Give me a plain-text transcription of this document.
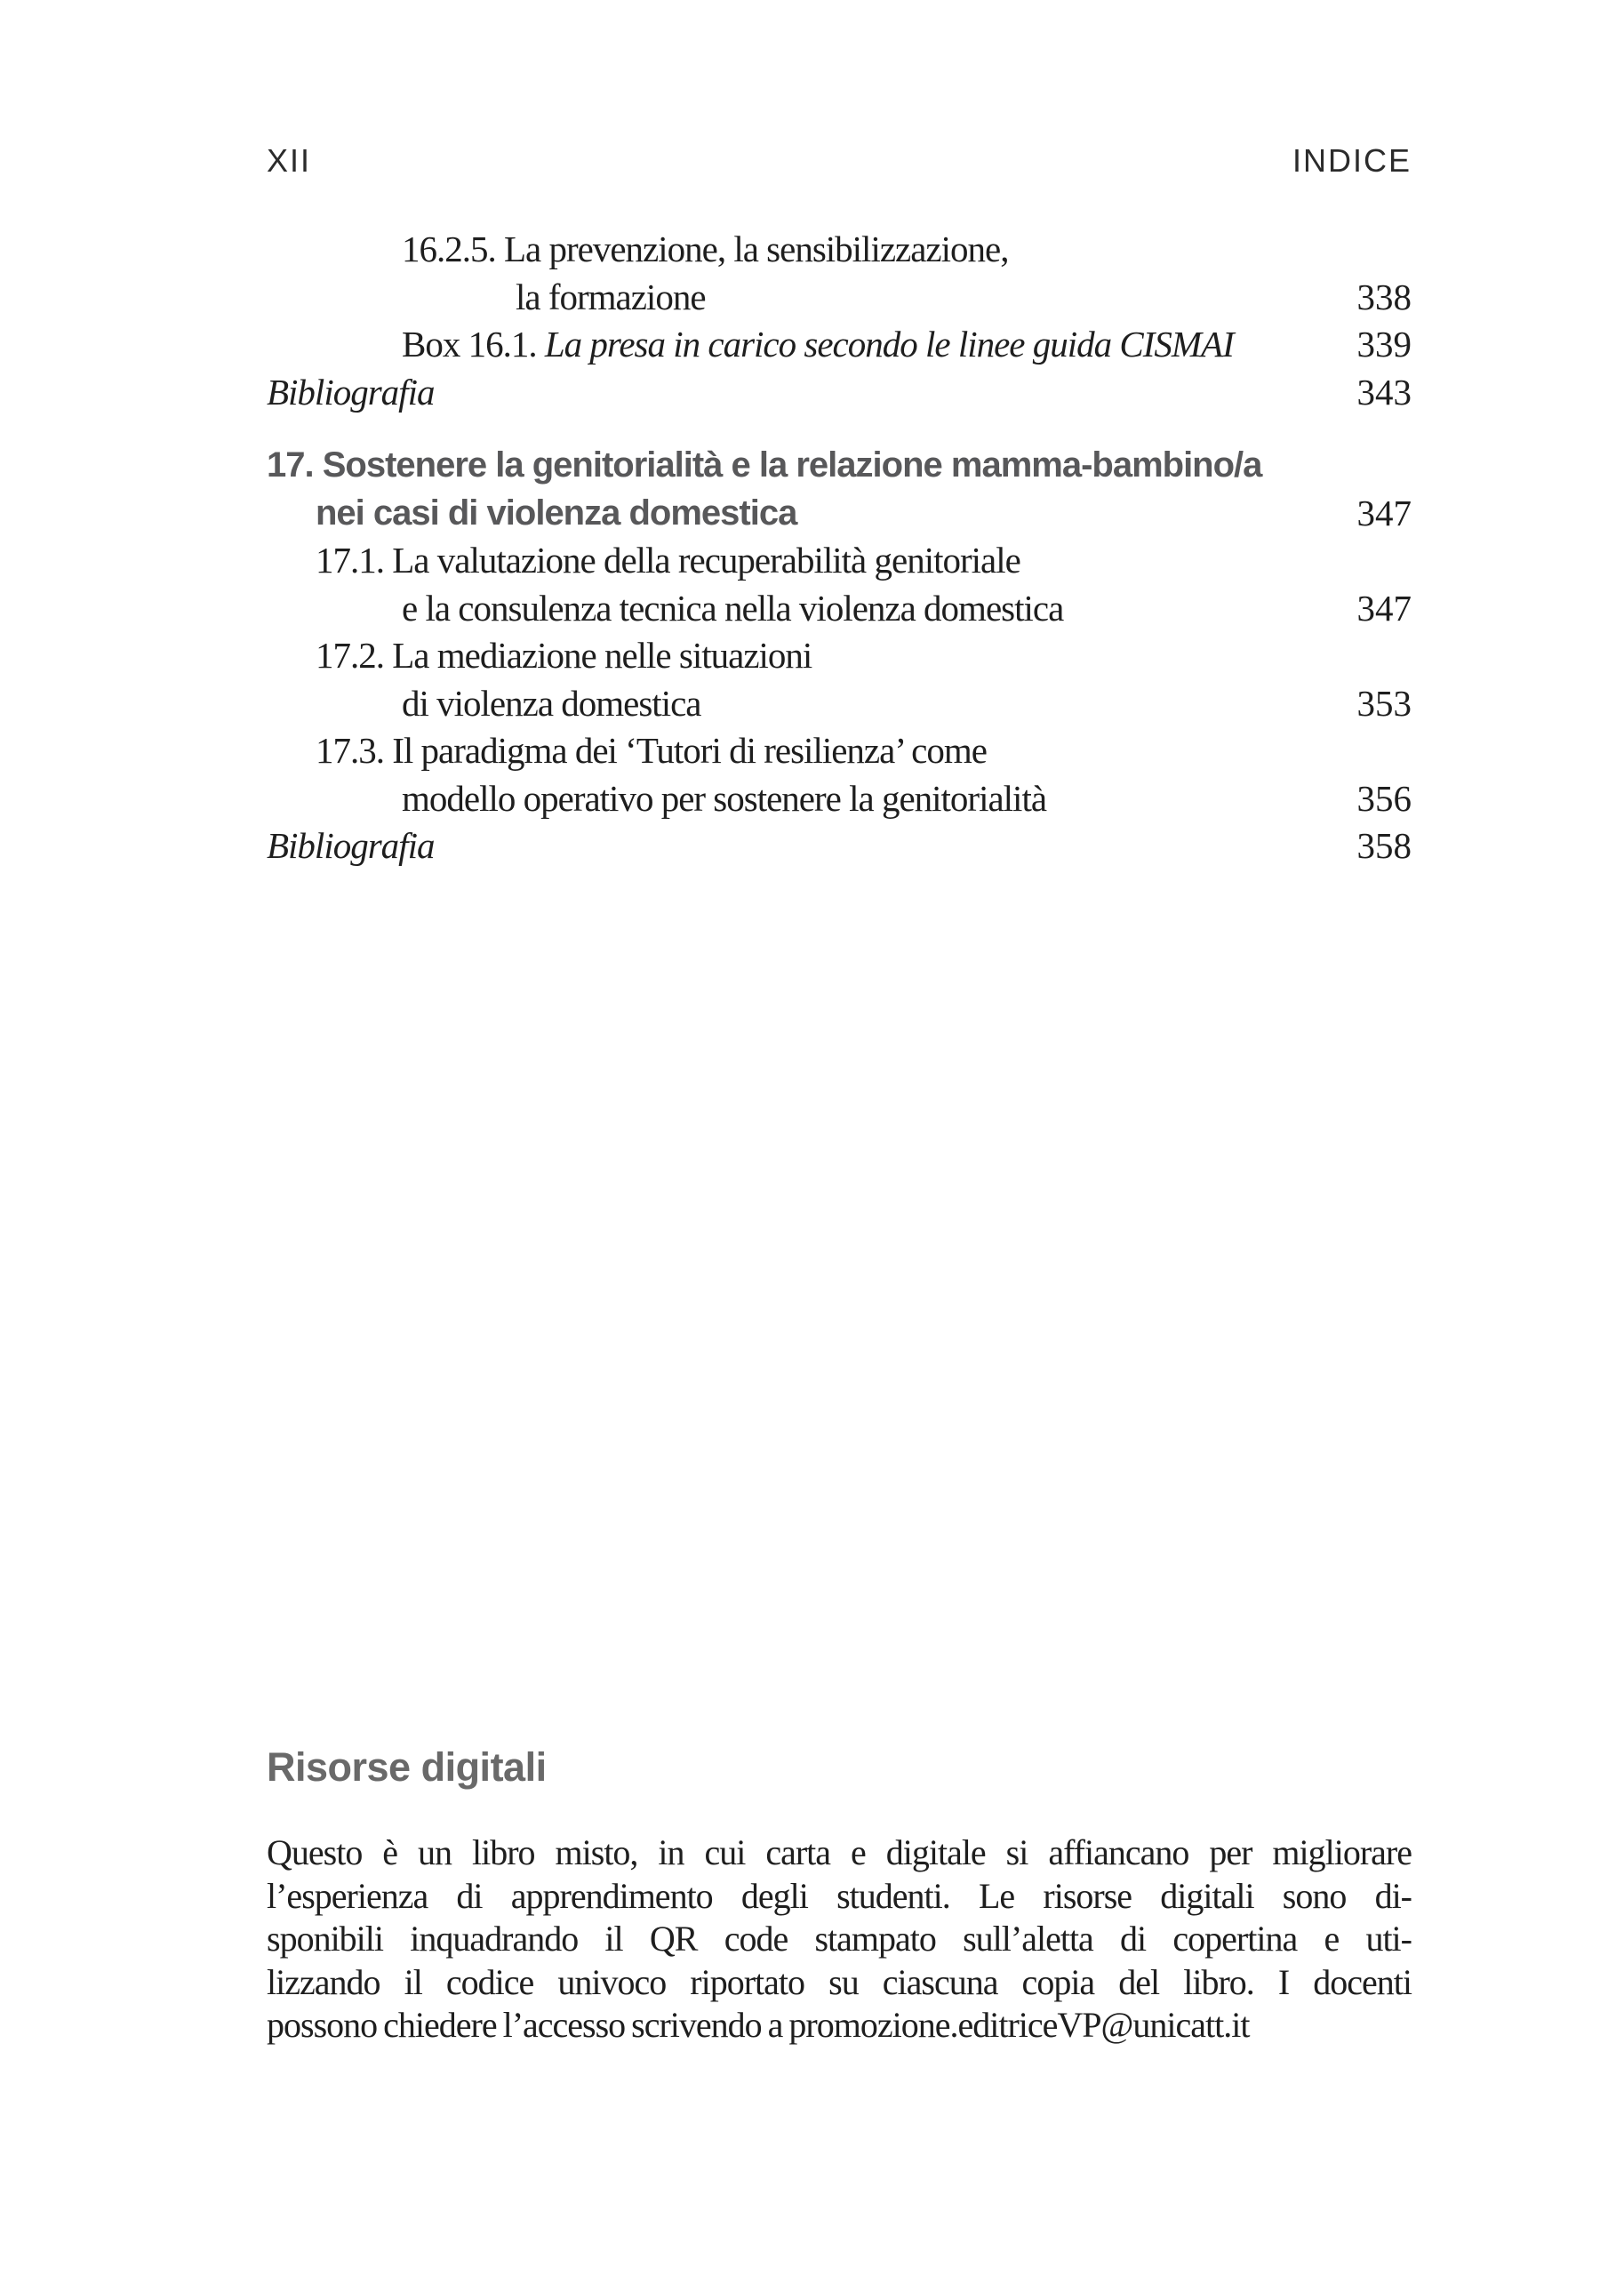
XII	INDICE
16.2.5. La prevenzione, la sensibilizzazione,
la formazione	338
Box 16.1. La presa in carico secondo le linee guida CISMAI	339
Bibliografia	343
17. Sostenere la genitorialità e la relazione mamma-bambino/a
nei casi di violenza domestica	347
17.1. La valutazione della recuperabilità genitoriale
e la consulenza tecnica nella violenza domestica	347
17.2. La mediazione nelle situazioni
di violenza domestica	353
17.3. Il paradigma dei ‘Tutori di resilienza’ come
modello operativo per sostenere la genitorialità	356
Bibliografia	358
Risorse digitali
Questo è un libro misto, in cui carta e digitale si affiancano per migliorare
l’esperienza di apprendimento degli studenti. Le risorse digitali sono di-
sponibili inquadrando il QR code stampato sull’aletta di copertina e uti-
lizzando il codice univoco riportato su ciascuna copia del libro. I docenti
possono chiedere l’accesso scrivendo a promozione.editriceVP@unicatt.it
